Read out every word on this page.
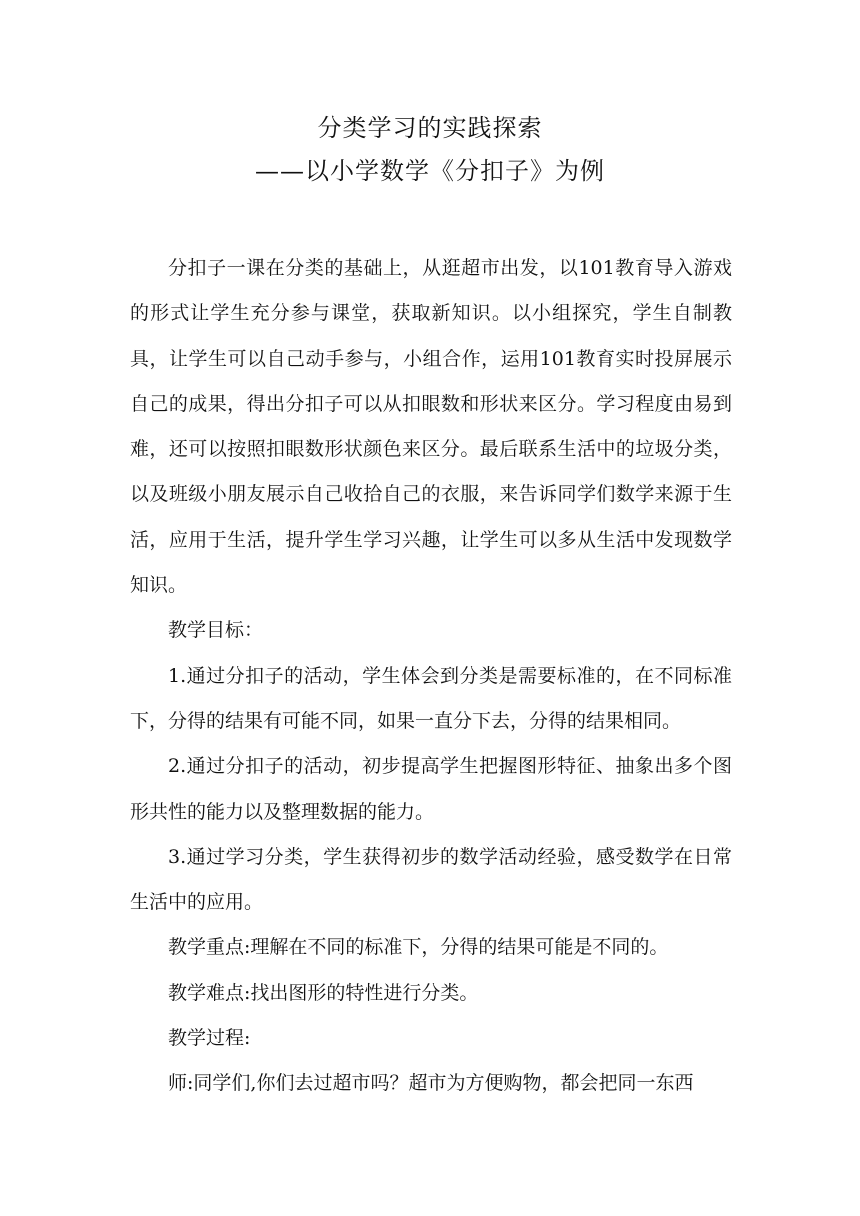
分类学习的实践探索
——以小学数学《分扣子》为例

分扣子一课在分类的基础上，从逛超市出发，以101教育导入游戏的形式让学生充分参与课堂，获取新知识。以小组探究，学生自制教具，让学生可以自己动手参与，小组合作，运用101教育实时投屏展示自己的成果，得出分扣子可以从扣眼数和形状来区分。学习程度由易到难，还可以按照扣眼数形状颜色来区分。最后联系生活中的垃圾分类，以及班级小朋友展示自己收拾自己的衣服，来告诉同学们数学来源于生活，应用于生活，提升学生学习兴趣，让学生可以多从生活中发现数学知识。

教学目标：

1.通过分扣子的活动，学生体会到分类是需要标准的，在不同标准下，分得的结果有可能不同，如果一直分下去，分得的结果相同。

2.通过分扣子的活动，初步提高学生把握图形特征、抽象出多个图形共性的能力以及整理数据的能力。

3.通过学习分类，学生获得初步的数学活动经验，感受数学在日常生活中的应用。

教学重点:理解在不同的标准下，分得的结果可能是不同的。

教学难点:找出图形的特性进行分类。

教学过程:

师:同学们,你们去过超市吗？超市为方便购物，都会把同一东西
